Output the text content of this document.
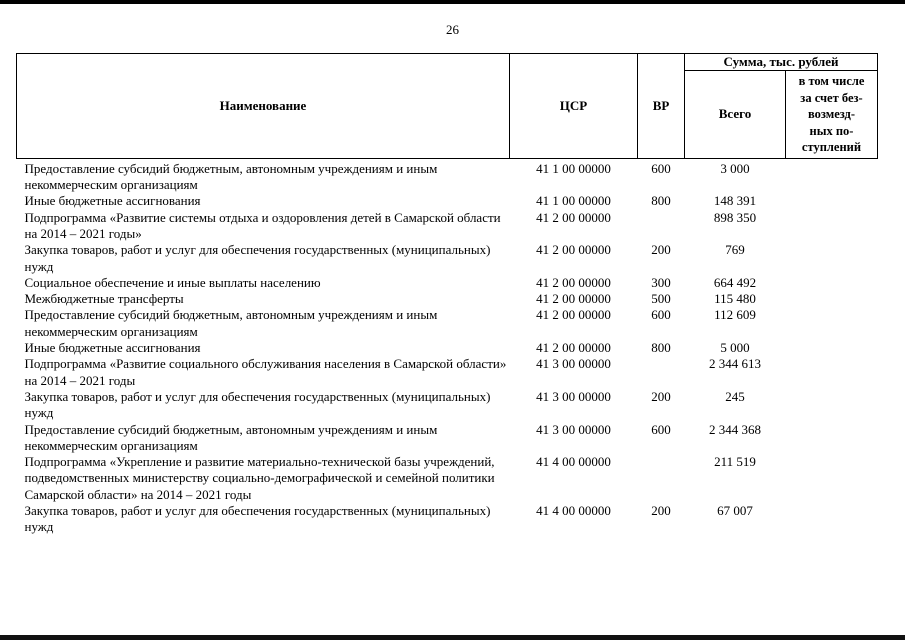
26
Наименование	ЦСР	ВР	Сумма, тыс. рублей	
			Всего	в том числе
за счет без-
возмезд-
ных по-
ступлений
Предоставление субсидий бюджетным, автономным учреждениям и иным некоммерческим организациям	41 1 00 00000	600	3 000	
Иные бюджетные ассигнования	41 1 00 00000	800	148 391	
Подпрограмма «Развитие системы отдыха и оздоровления детей в Самарской области на 2014 – 2021 годы»	41 2 00 00000		898 350	
Закупка товаров, работ и услуг для обеспечения государственных (муниципальных) нужд	41 2 00 00000	200	769	
Социальное обеспечение и иные выплаты населению	41 2 00 00000	300	664 492	
Межбюджетные трансферты	41 2 00 00000	500	115 480	
Предоставление субсидий бюджетным, автономным учреждениям и иным некоммерческим организациям	41 2 00 00000	600	112 609	
Иные бюджетные ассигнования	41 2 00 00000	800	5 000	
Подпрограмма «Развитие социального обслуживания населения в Самарской области» на 2014 – 2021 годы	41 3 00 00000		2 344 613	
Закупка товаров, работ и услуг для обеспечения государственных (муниципальных) нужд	41 3 00 00000	200	245	
Предоставление субсидий бюджетным, автономным учреждениям и иным некоммерческим организациям	41 3 00 00000	600	2 344 368	
Подпрограмма «Укрепление и развитие материально-технической базы учреждений, подведомственных министерству социально-демографической и семейной политики Самарской области» на 2014 – 2021 годы	41 4 00 00000		211 519	
Закупка товаров, работ и услуг для обеспечения государственных (муниципальных) нужд	41 4 00 00000	200	67 007	
